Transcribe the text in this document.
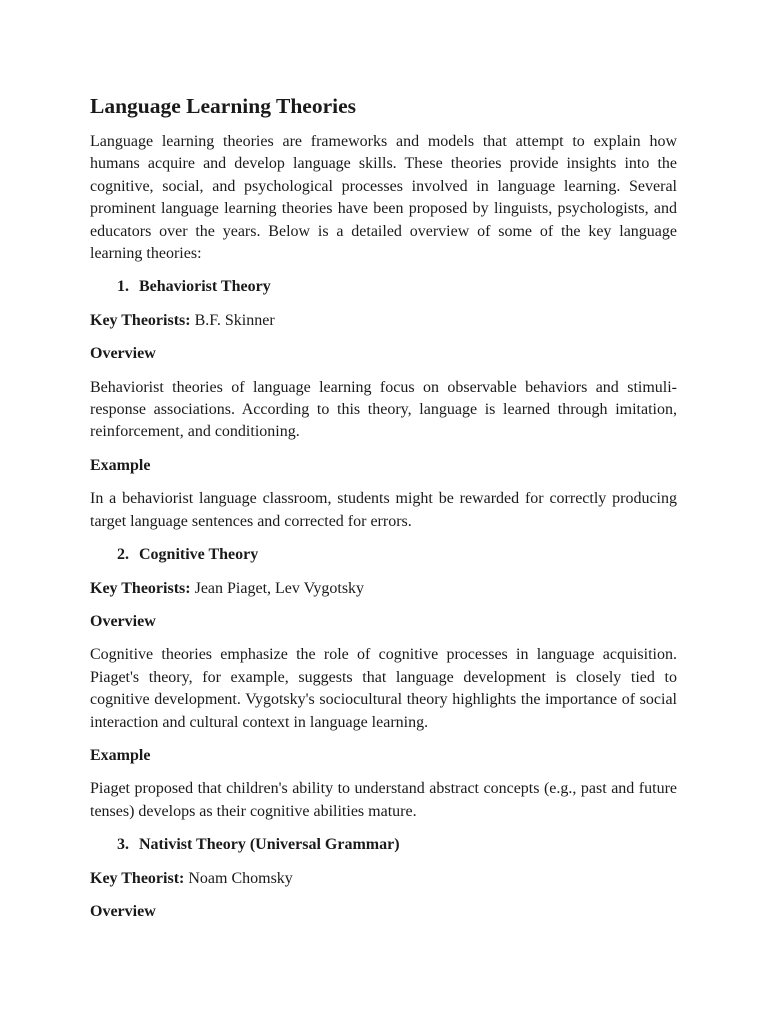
Language Learning Theories
Language learning theories are frameworks and models that attempt to explain how humans acquire and develop language skills. These theories provide insights into the cognitive, social, and psychological processes involved in language learning. Several prominent language learning theories have been proposed by linguists, psychologists, and educators over the years. Below is a detailed overview of some of the key language learning theories:
1. Behaviorist Theory
Key Theorists: B.F. Skinner
Overview
Behaviorist theories of language learning focus on observable behaviors and stimuli-response associations. According to this theory, language is learned through imitation, reinforcement, and conditioning.
Example
In a behaviorist language classroom, students might be rewarded for correctly producing target language sentences and corrected for errors.
2. Cognitive Theory
Key Theorists: Jean Piaget, Lev Vygotsky
Overview
Cognitive theories emphasize the role of cognitive processes in language acquisition. Piaget's theory, for example, suggests that language development is closely tied to cognitive development. Vygotsky's sociocultural theory highlights the importance of social interaction and cultural context in language learning.
Example
Piaget proposed that children's ability to understand abstract concepts (e.g., past and future tenses) develops as their cognitive abilities mature.
3. Nativist Theory (Universal Grammar)
Key Theorist: Noam Chomsky
Overview
